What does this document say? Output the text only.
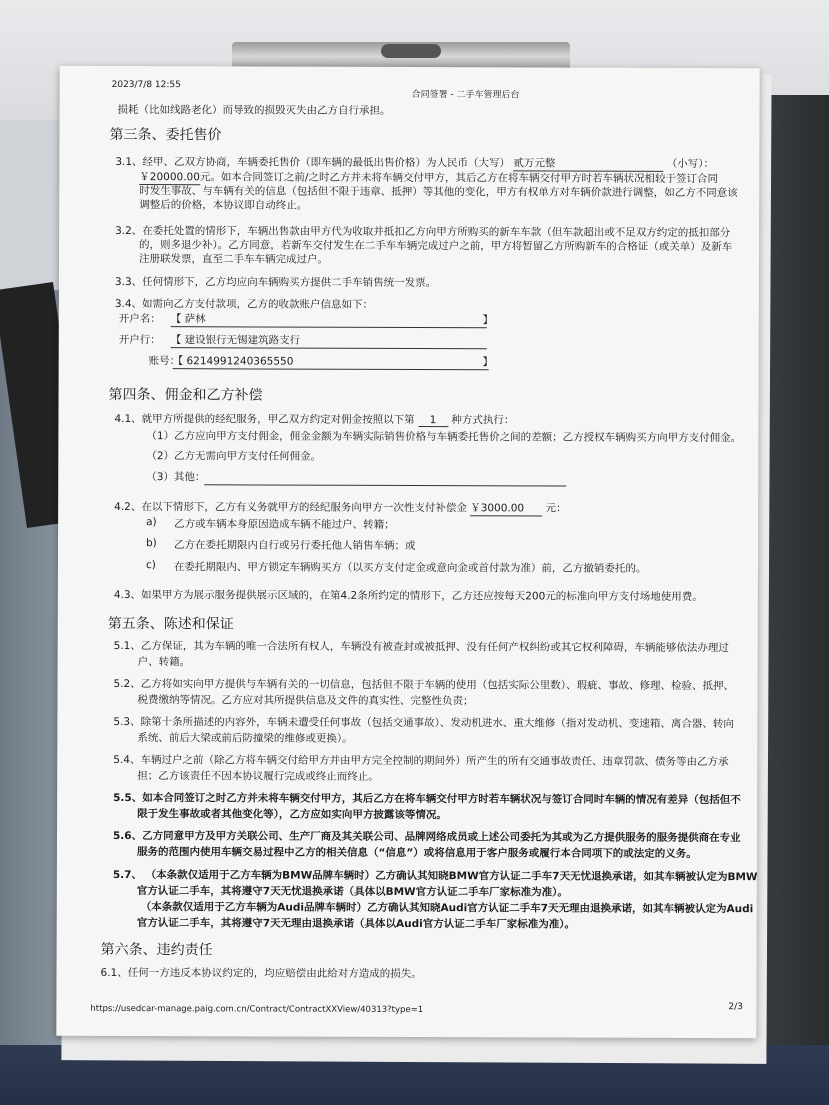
2023/7/8 12:55
合同签署 - 二手车管理后台
损耗（比如线路老化）而导致的损毁灭失由乙方自行承担。
第三条、委托售价
3.1、经甲、乙双方协商，车辆委托售价（即车辆的最低出售价格）为人民币（大写） 贰万元整	（小写）：
￥20000.00元。如本合同签订之前/之时乙方并未将车辆交付甲方，其后乙方在将车辆交付甲方时若车辆状况相较于签订合同
时发生事故、与车辆有关的信息（包括但不限于违章、抵押）等其他的变化，甲方有权单方对车辆价款进行调整，如乙方不同意该
调整后的价格，本协议即自动终止。
3.2、在委托处置的情形下，车辆出售款由甲方代为收取并抵扣乙方向甲方所购买的新车车款（但车款超出或不足双方约定的抵扣部分
的，则多退少补）。乙方同意，若新车交付发生在二手车车辆完成过户之前，甲方将暂留乙方所购新车的合格证（或关单）及新车
注册联发票，直至二手车车辆完成过户。
3.3、任何情形下，乙方均应向车辆购买方提供二手车销售统一发票。
3.4、如需向乙方支付款项，乙方的收款账户信息如下：
开户名： 【 萨林	】
开户行： 【 建设银行无锡建筑路支行
账号：
【 6214991240365550	】
第四条、佣金和乙方补偿
4.1、就甲方所提供的经纪服务，甲乙双方约定对佣金按照以下第 1 种方式执行：
（1）乙方应向甲方支付佣金，佣金金额为车辆实际销售价格与车辆委托售价之间的差额；乙方授权车辆购买方向甲方支付佣金。
（2）乙方无需向甲方支付任何佣金。
（3）其他：
4.2、在以下情形下，乙方有义务就甲方的经纪服务向甲方一次性支付补偿金 ￥3000.00 元：
a) 乙方或车辆本身原因造成车辆不能过户、转籍；
b) 乙方在委托期限内自行或另行委托他人销售车辆；或
c) 在委托期限内、甲方锁定车辆购买方（以买方支付定金或意向金或首付款为准）前，乙方撤销委托的。
4.3、如果甲方为展示服务提供展示区域的，在第4.2条所约定的情形下，乙方还应按每天200元的标准向甲方支付场地使用费。
第五条、陈述和保证
5.1、乙方保证，其为车辆的唯一合法所有权人，车辆没有被查封或被抵押、没有任何产权纠纷或其它权利障碍，车辆能够依法办理过
户、转籍。
5.2、乙方将如实向甲方提供与车辆有关的一切信息，包括但不限于车辆的使用（包括实际公里数）、瑕疵、事故、修理、检验、抵押、
税费缴纳等情况。乙方应对其所提供信息及文件的真实性、完整性负责；
5.3、除第十条所描述的内容外，车辆未遭受任何事故（包括交通事故）、发动机进水、重大维修（指对发动机、变速箱、离合器、转向
系统、前后大梁或前后防撞梁的维修或更换）。
5.4、车辆过户之前（除乙方将车辆交付给甲方并由甲方完全控制的期间外）所产生的所有交通事故责任、违章罚款、债务等由乙方承
担；乙方该责任不因本协议履行完成或终止而终止。
5.5、如本合同签订之时乙方并未将车辆交付甲方，其后乙方在将车辆交付甲方时若车辆状况与签订合同时车辆的情况有差异（包括但不
限于发生事故或者其他变化等），乙方应如实向甲方披露该等情况。
5.6、乙方同意甲方及甲方关联公司、生产厂商及其关联公司、品牌网络成员或上述公司委托为其或为乙方提供服务的服务提供商在专业
服务的范围内使用车辆交易过程中乙方的相关信息（“信息”）或将信息用于客户服务或履行本合同项下的或法定的义务。
5.7、 （本条款仅适用于乙方车辆为BMW品牌车辆时）乙方确认其知晓BMW官方认证二手车7天无忧退换承诺，如其车辆被认定为BMW
官方认证二手车，其将遵守7天无忧退换承诺（具体以BMW官方认证二手车厂家标准为准）。
（本条款仅适用于乙方车辆为Audi品牌车辆时）乙方确认其知晓Audi官方认证二手车7天无理由退换承诺，如其车辆被认定为Audi
官方认证二手车，其将遵守7天无理由退换承诺（具体以Audi官方认证二手车厂家标准为准）。
第六条、违约责任
6.1、任何一方违反本协议约定的，均应赔偿由此给对方造成的损失。
https://usedcar-manage.paig.com.cn/Contract/ContractXXView/40313?type=1	2/3
